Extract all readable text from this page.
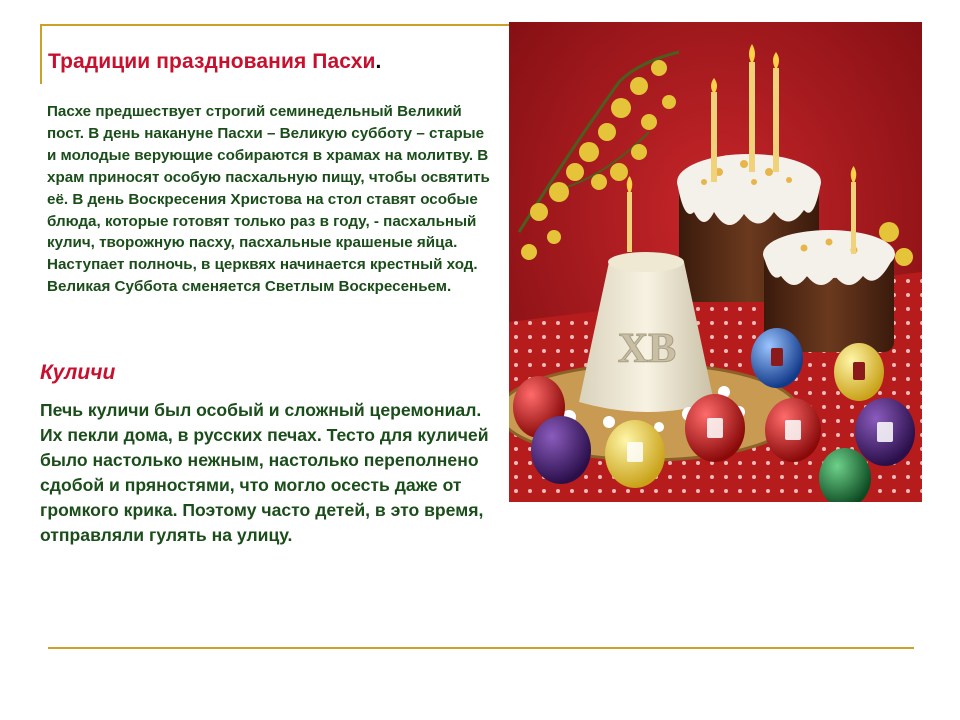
Традиции празднования Пасхи.

Пасхе предшествует строгий семинедельный Великий пост. В день накануне Пасхи – Великую субботу – старые и молодые верующие собираются в храмах на молитву. В храм приносят особую пасхальную пищу, чтобы освятить её. В день Воскресения Христова на стол ставят особые блюда, которые готовят только раз в году, - пасхальный кулич, творожную пасху, пасхальные крашеные яйца. Наступает полночь, в церквях начинается крестный ход. Великая Суббота сменяется Светлым Воскресеньем.

ХВ
Куличи

Печь куличи был особый и сложный церемониал. Их пекли дома, в русских печах. Тесто для куличей было настолько нежным, настолько переполнено сдобой и пряностями, что могло осесть даже от громкого крика. Поэтому часто детей, в это время, отправляли гулять на улицу.
